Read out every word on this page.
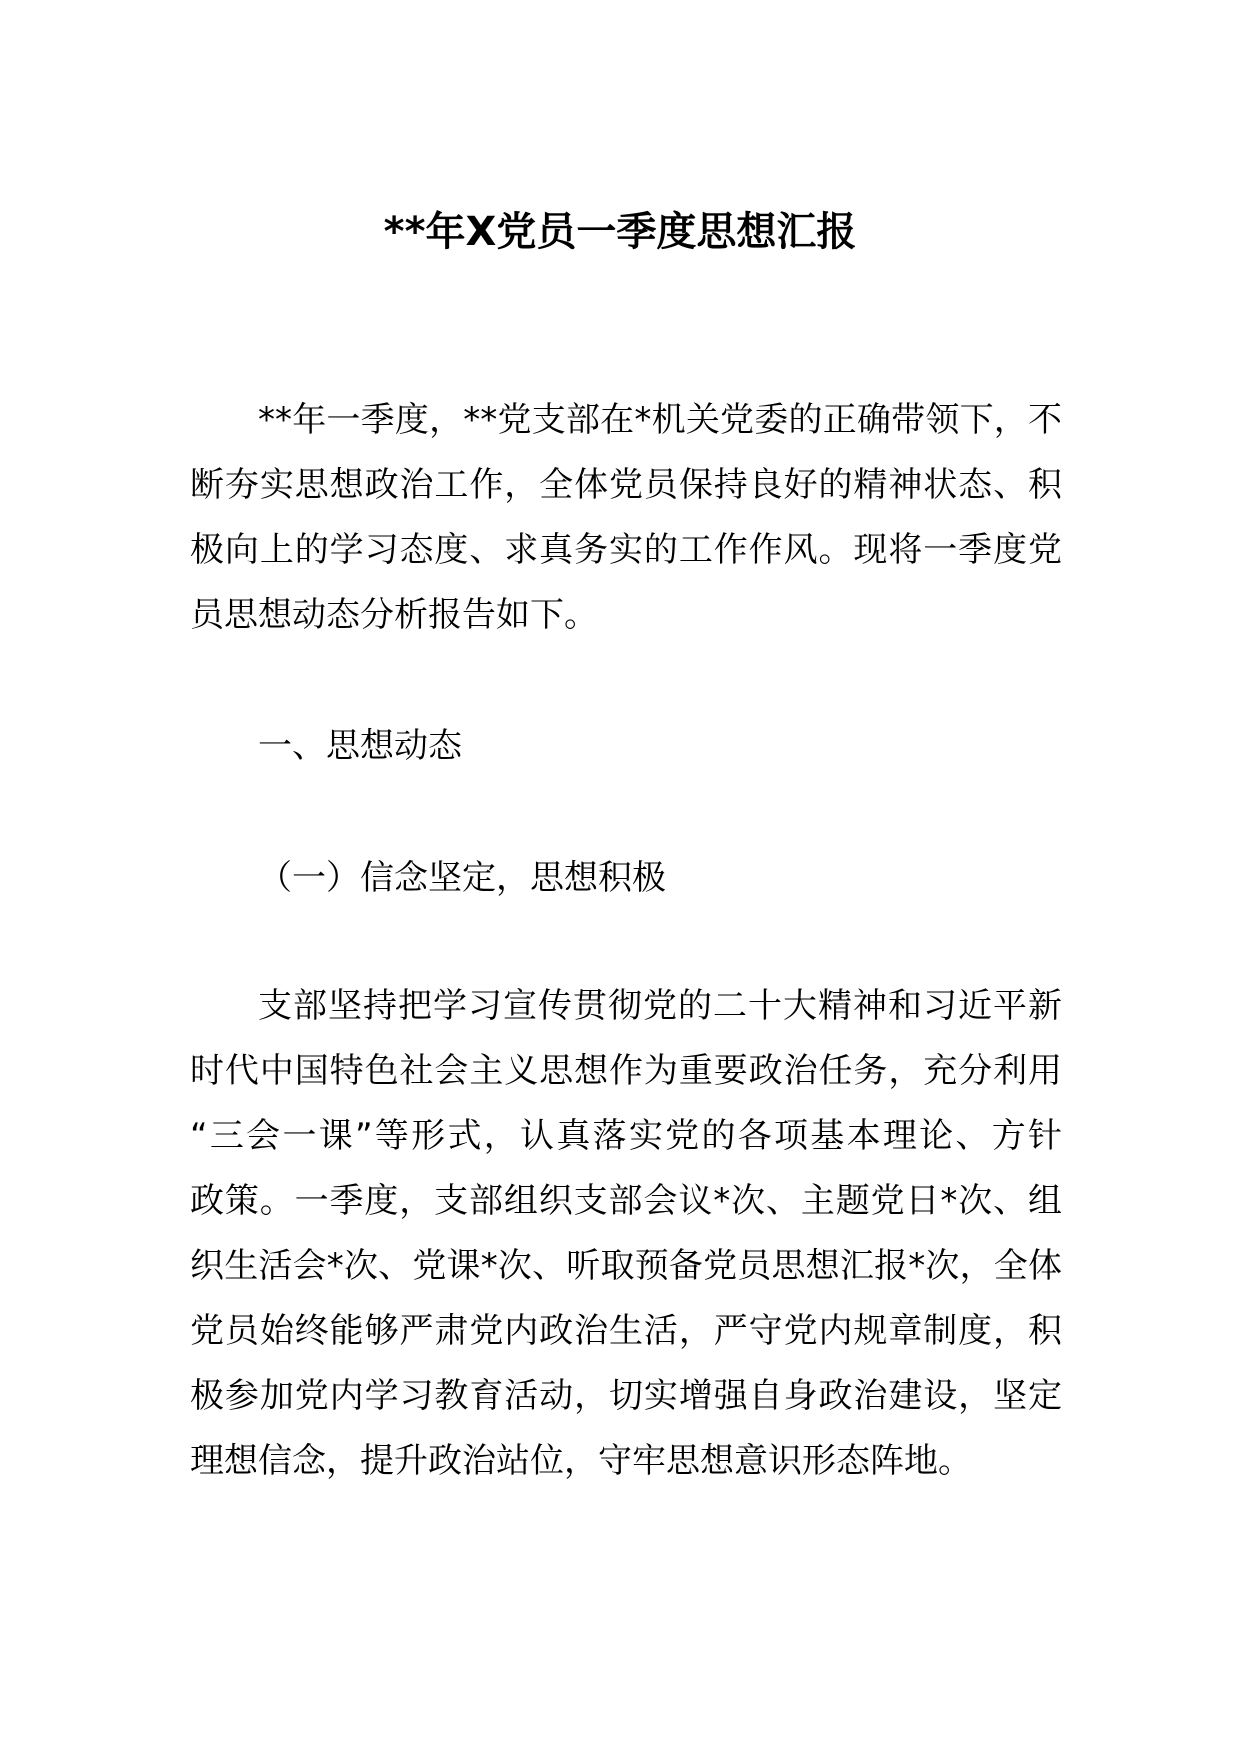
**年X党员一季度思想汇报
**年一季度，**党支部在*机关党委的正确带领下，不
断夯实思想政治工作，全体党员保持良好的精神状态、积
极向上的学习态度、求真务实的工作作风。现将一季度党
员思想动态分析报告如下。
一、思想动态
（一）信念坚定，思想积极
支部坚持把学习宣传贯彻党的二十大精神和习近平新
时代中国特色社会主义思想作为重要政治任务，充分利用
“三会一课”等形式，认真落实党的各项基本理论、方针
政策。一季度，支部组织支部会议*次、主题党日*次、组
织生活会*次、党课*次、听取预备党员思想汇报*次，全体
党员始终能够严肃党内政治生活，严守党内规章制度，积
极参加党内学习教育活动，切实增强自身政治建设，坚定
理想信念，提升政治站位，守牢思想意识形态阵地。
